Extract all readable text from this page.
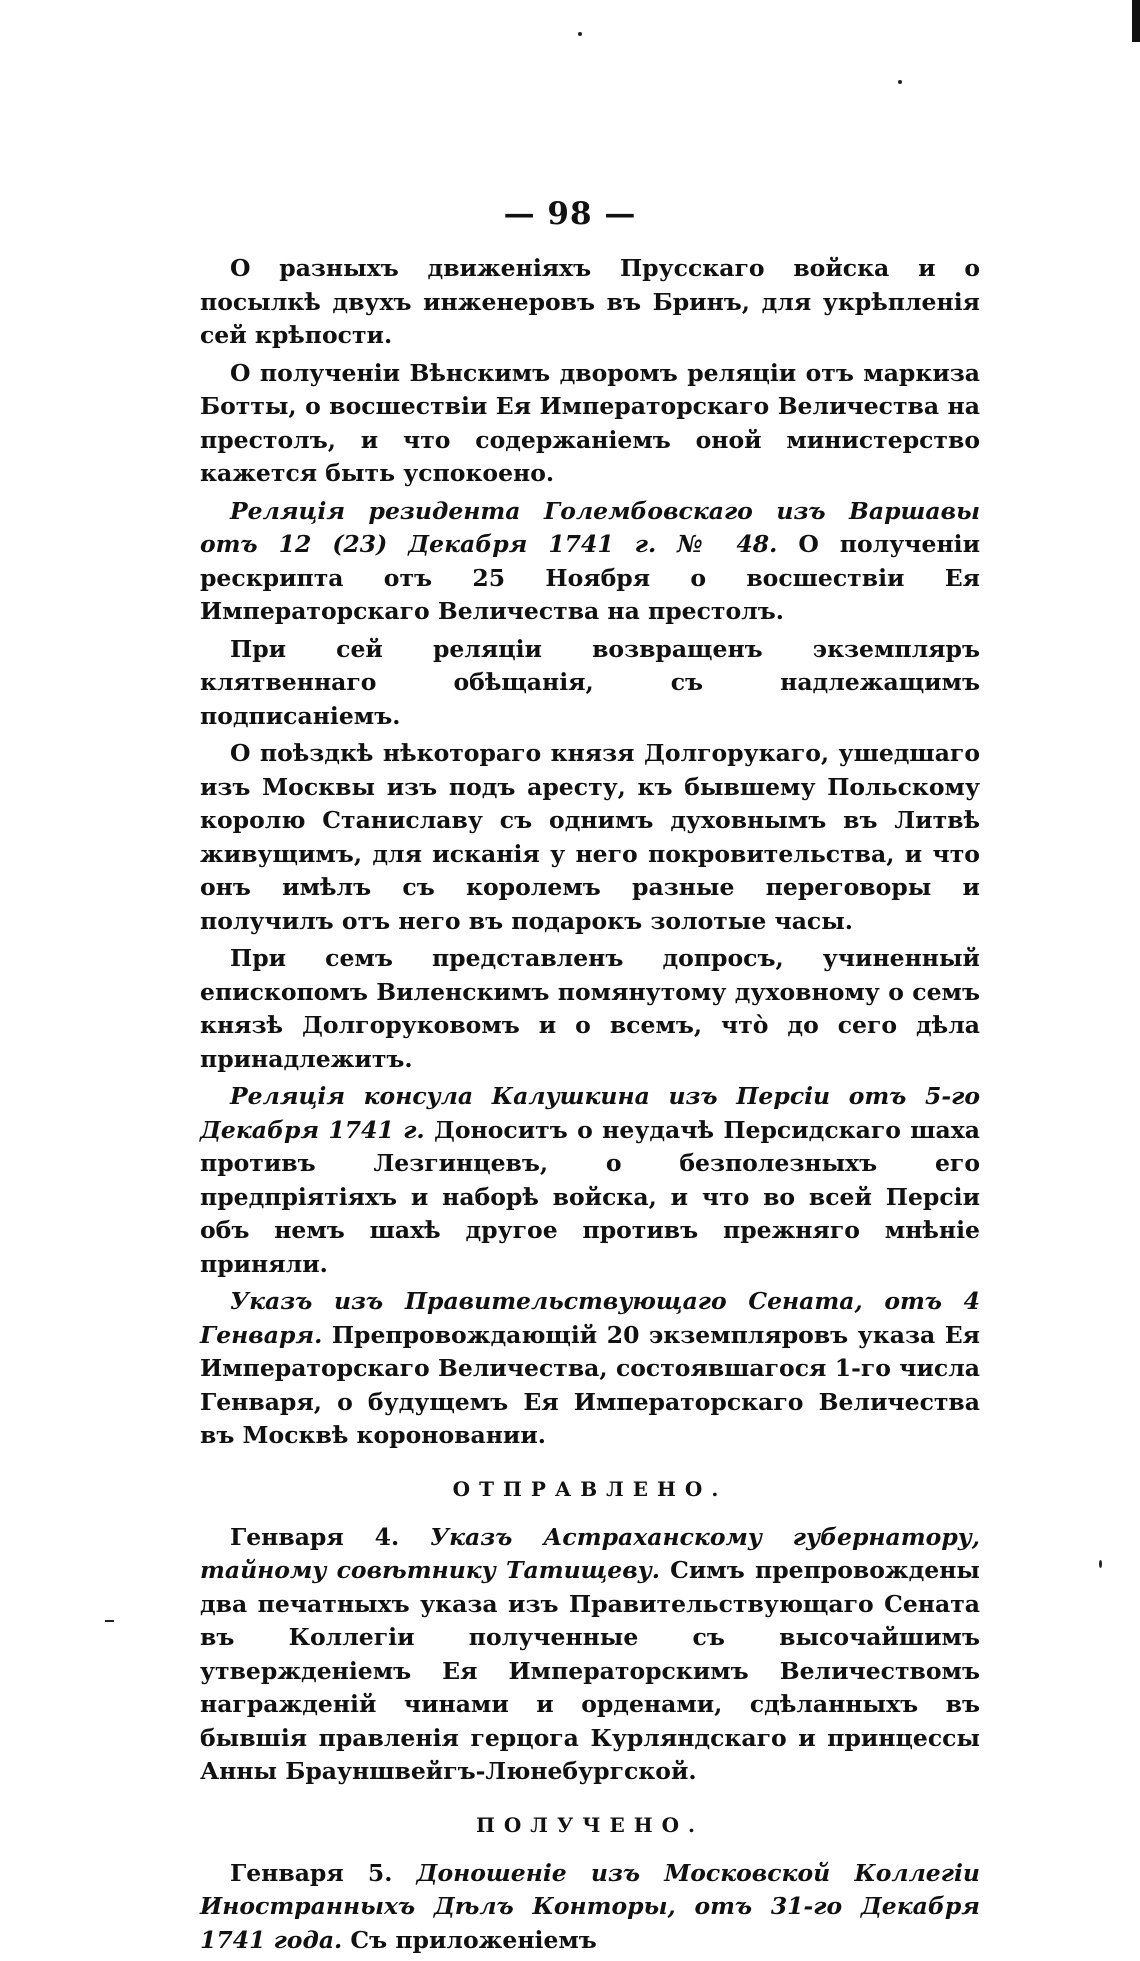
— 98 —

О разныхъ движеніяхъ Прусскаго войска и о посылкѣ двухъ инженеровъ въ Бринъ, для укрѣпленія сей крѣпости.

О полученіи Вѣнскимъ дворомъ реляціи отъ маркиза Ботты, о восшествіи Ея Императорскаго Величества на престолъ, и что содержаніемъ оной министерство кажется быть успокоено.

Реляція резидента Голембовскаго изъ Варшавы отъ 12 (23) Декабря 1741 г. № 48. О полученіи рескрипта отъ 25 Ноября о восшествіи Ея Императорскаго Величества на престолъ.

При сей реляціи возвращенъ экземпляръ клятвеннаго обѣщанія, съ надлежащимъ подписаніемъ.

О поѣздкѣ нѣкотораго князя Долгорукаго, ушедшаго изъ Москвы изъ подъ аресту, къ бывшему Польскому королю Станиславу съ однимъ духовнымъ въ Литвѣ живущимъ, для исканія у него покровительства, и что онъ имѣлъ съ королемъ разные переговоры и получилъ отъ него въ подарокъ золотые часы.

При семъ представленъ допросъ, учиненный епископомъ Виленскимъ помянутому духовному о семъ князѣ Долгоруковомъ и о всемъ, что̀ до сего дѣла принадлежитъ.

Реляція консула Калушкина изъ Персіи отъ 5-го Декабря 1741 г. Доноситъ о неудачѣ Персидскаго шаха противъ Лезгинцевъ, о безполезныхъ его предпріятіяхъ и наборѣ войска, и что во всей Персіи объ немъ шахѣ другое противъ прежняго мнѣніе приняли.

Указъ изъ Правительствующаго Сената, отъ 4 Генваря. Препровождающій 20 экземпляровъ указа Ея Императорскаго Величества, состоявшагося 1-го числа Генваря, о будущемъ Ея Императорскаго Величества въ Москвѣ короновании.

ОТПРАВЛЕНО.

Генваря 4. Указъ Астраханскому губернатору, тайному совѣтнику Татищеву. Симъ препровождены два печатныхъ указа изъ Правительствующаго Сената въ Коллегіи полученные съ высочайшимъ утвержденіемъ Ея Императорскимъ Величествомъ награжденій чинами и орденами, сдѣланныхъ въ бывшія правленія герцога Курляндскаго и принцессы Анны Брауншвейгъ-Люнебургской.

ПОЛУЧЕНО.

Генваря 5. Доношеніе изъ Московской Коллегіи Иностранныхъ Дѣлъ Конторы, отъ 31-го Декабря 1741 года. Съ приложеніемъ
